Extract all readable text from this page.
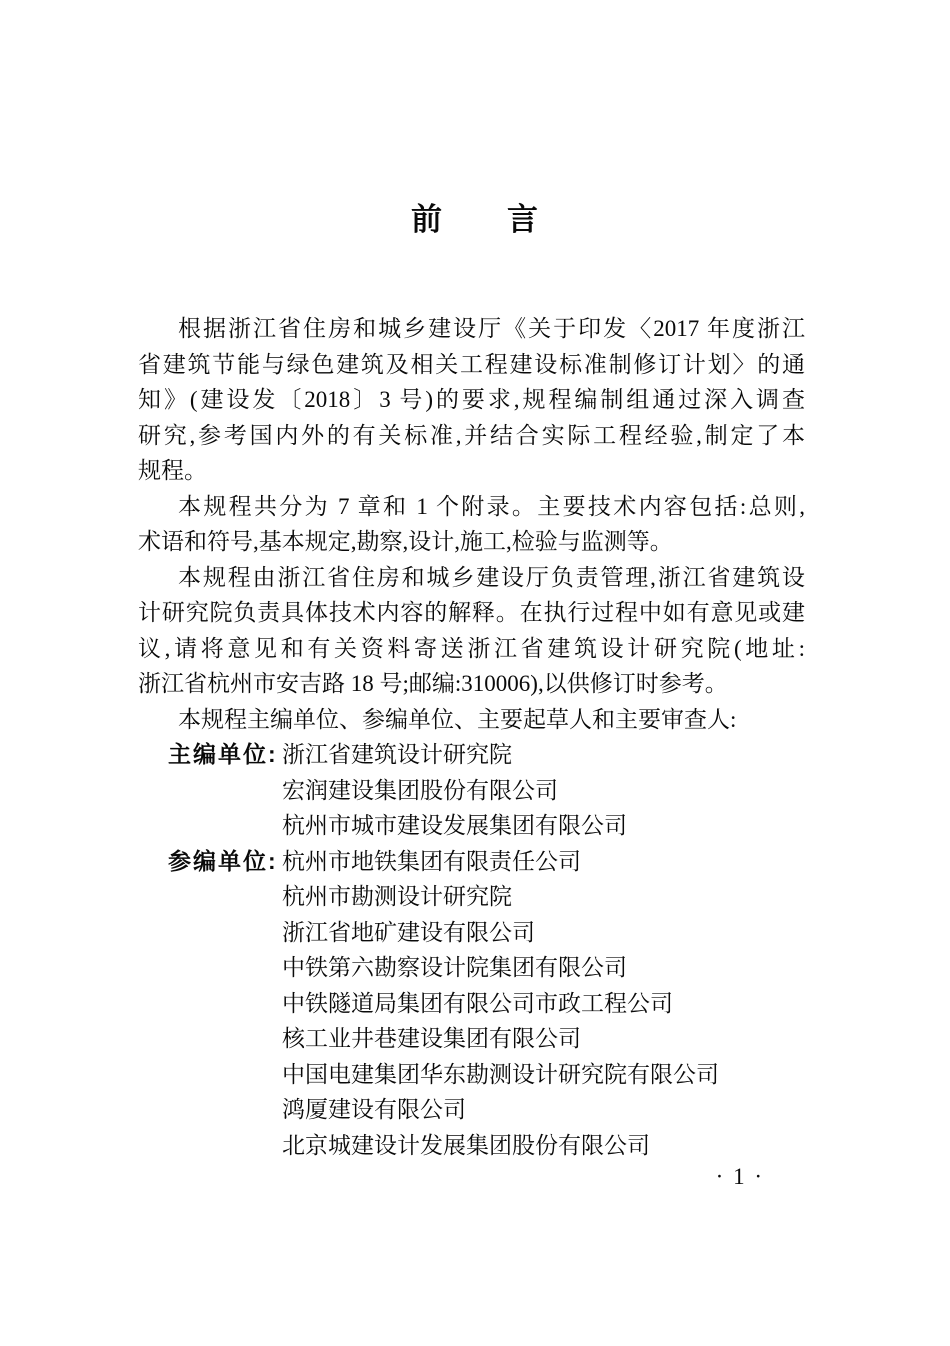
前　　言
根据浙江省住房和城乡建设厅《关于印发〈2017 年度浙江
省建筑节能与绿色建筑及相关工程建设标准制修订计划〉的通
知》(建设发〔2018〕3 号)的要求,规程编制组通过深入调查
研究,参考国内外的有关标准,并结合实际工程经验,制定了本
规程。
本规程共分为 7 章和 1 个附录。主要技术内容包括:总则,
术语和符号,基本规定,勘察,设计,施工,检验与监测等。
本规程由浙江省住房和城乡建设厅负责管理,浙江省建筑设
计研究院负责具体技术内容的解释。在执行过程中如有意见或建
议,请将意见和有关资料寄送浙江省建筑设计研究院(地址:
浙江省杭州市安吉路 18 号;邮编:310006),以供修订时参考。
本规程主编单位、参编单位、主要起草人和主要审查人:
主编单位: 浙江省建筑设计研究院
宏润建设集团股份有限公司
杭州市城市建设发展集团有限公司
参编单位: 杭州市地铁集团有限责任公司
杭州市勘测设计研究院
浙江省地矿建设有限公司
中铁第六勘察设计院集团有限公司
中铁隧道局集团有限公司市政工程公司
核工业井巷建设集团有限公司
中国电建集团华东勘测设计研究院有限公司
鸿厦建设有限公司
北京城建设计发展集团股份有限公司
· 1 ·
